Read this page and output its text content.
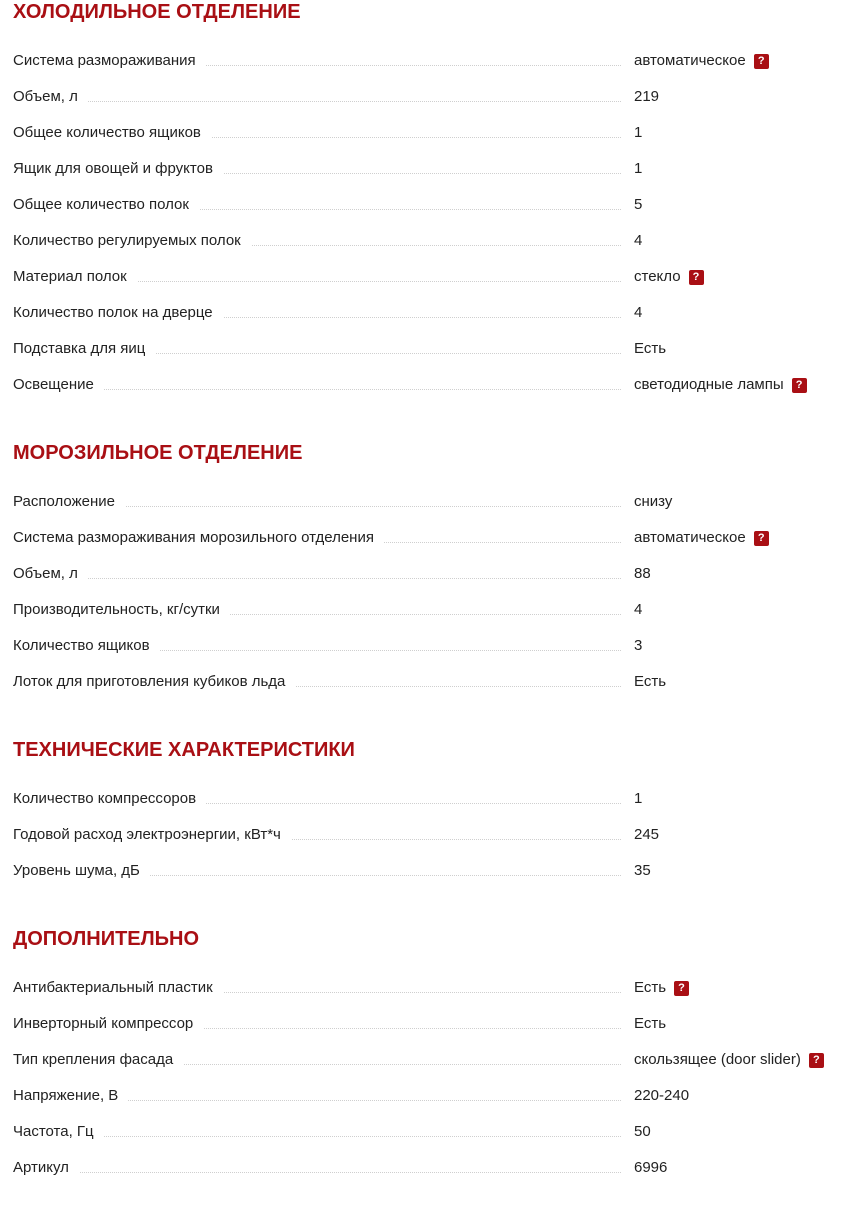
ХОЛОДИЛЬНОЕ ОТДЕЛЕНИЕ
Система размораживания	автоматическое ?
Объем, л	219
Общее количество ящиков	1
Ящик для овощей и фруктов	1
Общее количество полок	5
Количество регулируемых полок	4
Материал полок	стекло ?
Количество полок на дверце	4
Подставка для яиц	Есть
Освещение	светодиодные лампы ?
МОРОЗИЛЬНОЕ ОТДЕЛЕНИЕ
Расположение	снизу
Система размораживания морозильного отделения	автоматическое ?
Объем, л	88
Производительность, кг/сутки	4
Количество ящиков	3
Лоток для приготовления кубиков льда	Есть
ТЕХНИЧЕСКИЕ ХАРАКТЕРИСТИКИ
Количество компрессоров	1
Годовой расход электроэнергии, кВт*ч	245
Уровень шума, дБ	35
ДОПОЛНИТЕЛЬНО
Антибактериальный пластик	Есть ?
Инверторный компрессор	Есть
Тип крепления фасада	скользящее (door slider) ?
Напряжение, В	220-240
Частота, Гц	50
Артикул	6996
